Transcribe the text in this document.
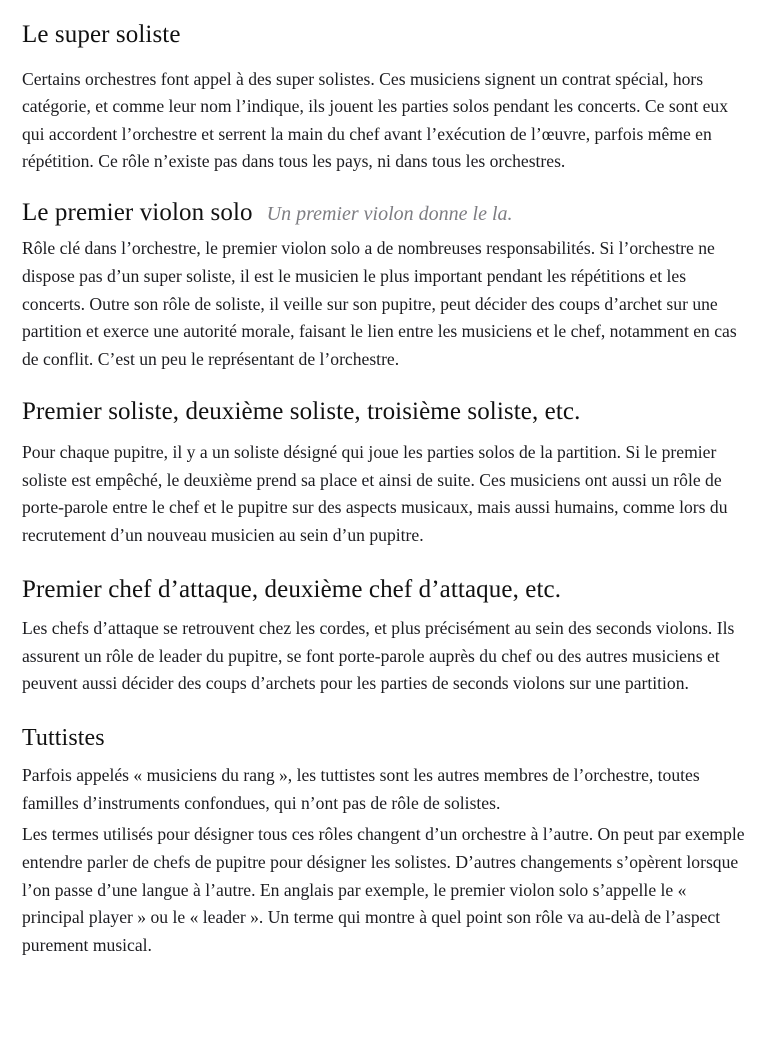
Le super soliste

Certains orchestres font appel à des super solistes. Ces musiciens signent un contrat spécial, hors catégorie, et comme leur nom l’indique, ils jouent les parties solos pendant les concerts. Ce sont eux qui accordent l’orchestre et serrent la main du chef avant l’exécution de l’œuvre, parfois même en répétition. Ce rôle n’existe pas dans tous les pays, ni dans tous les orchestres.

Le premier violon solo Un premier violon donne le la.

Rôle clé dans l’orchestre, le premier violon solo a de nombreuses responsabilités. Si l’orchestre ne dispose pas d’un super soliste, il est le musicien le plus important pendant les répétitions et les concerts. Outre son rôle de soliste, il veille sur son pupitre, peut décider des coups d’archet sur une partition et exerce une autorité morale, faisant le lien entre les musiciens et le chef, notamment en cas de conflit. C’est un peu le représentant de l’orchestre.

Premier soliste, deuxième soliste, troisième soliste, etc.

Pour chaque pupitre, il y a un soliste désigné qui joue les parties solos de la partition. Si le premier soliste est empêché, le deuxième prend sa place et ainsi de suite. Ces musiciens ont aussi un rôle de porte-parole entre le chef et le pupitre sur des aspects musicaux, mais aussi humains, comme lors du recrutement d’un nouveau musicien au sein d’un pupitre.

Premier chef d’attaque, deuxième chef d’attaque, etc.

Les chefs d’attaque se retrouvent chez les cordes, et plus précisément au sein des seconds violons. Ils assurent un rôle de leader du pupitre, se font porte-parole auprès du chef ou des autres musiciens et peuvent aussi décider des coups d’archets pour les parties de seconds violons sur une partition.

Tuttistes

Parfois appelés « musiciens du rang », les tuttistes sont les autres membres de l’orchestre, toutes familles d’instruments confondues, qui n’ont pas de rôle de solistes.

Les termes utilisés pour désigner tous ces rôles changent d’un orchestre à l’autre. On peut par exemple entendre parler de chefs de pupitre pour désigner les solistes. D’autres changements s’opèrent lorsque l’on passe d’une langue à l’autre. En anglais par exemple, le premier violon solo s’appelle le « principal player » ou le « leader ». Un terme qui montre à quel point son rôle va au-delà de l’aspect purement musical.
